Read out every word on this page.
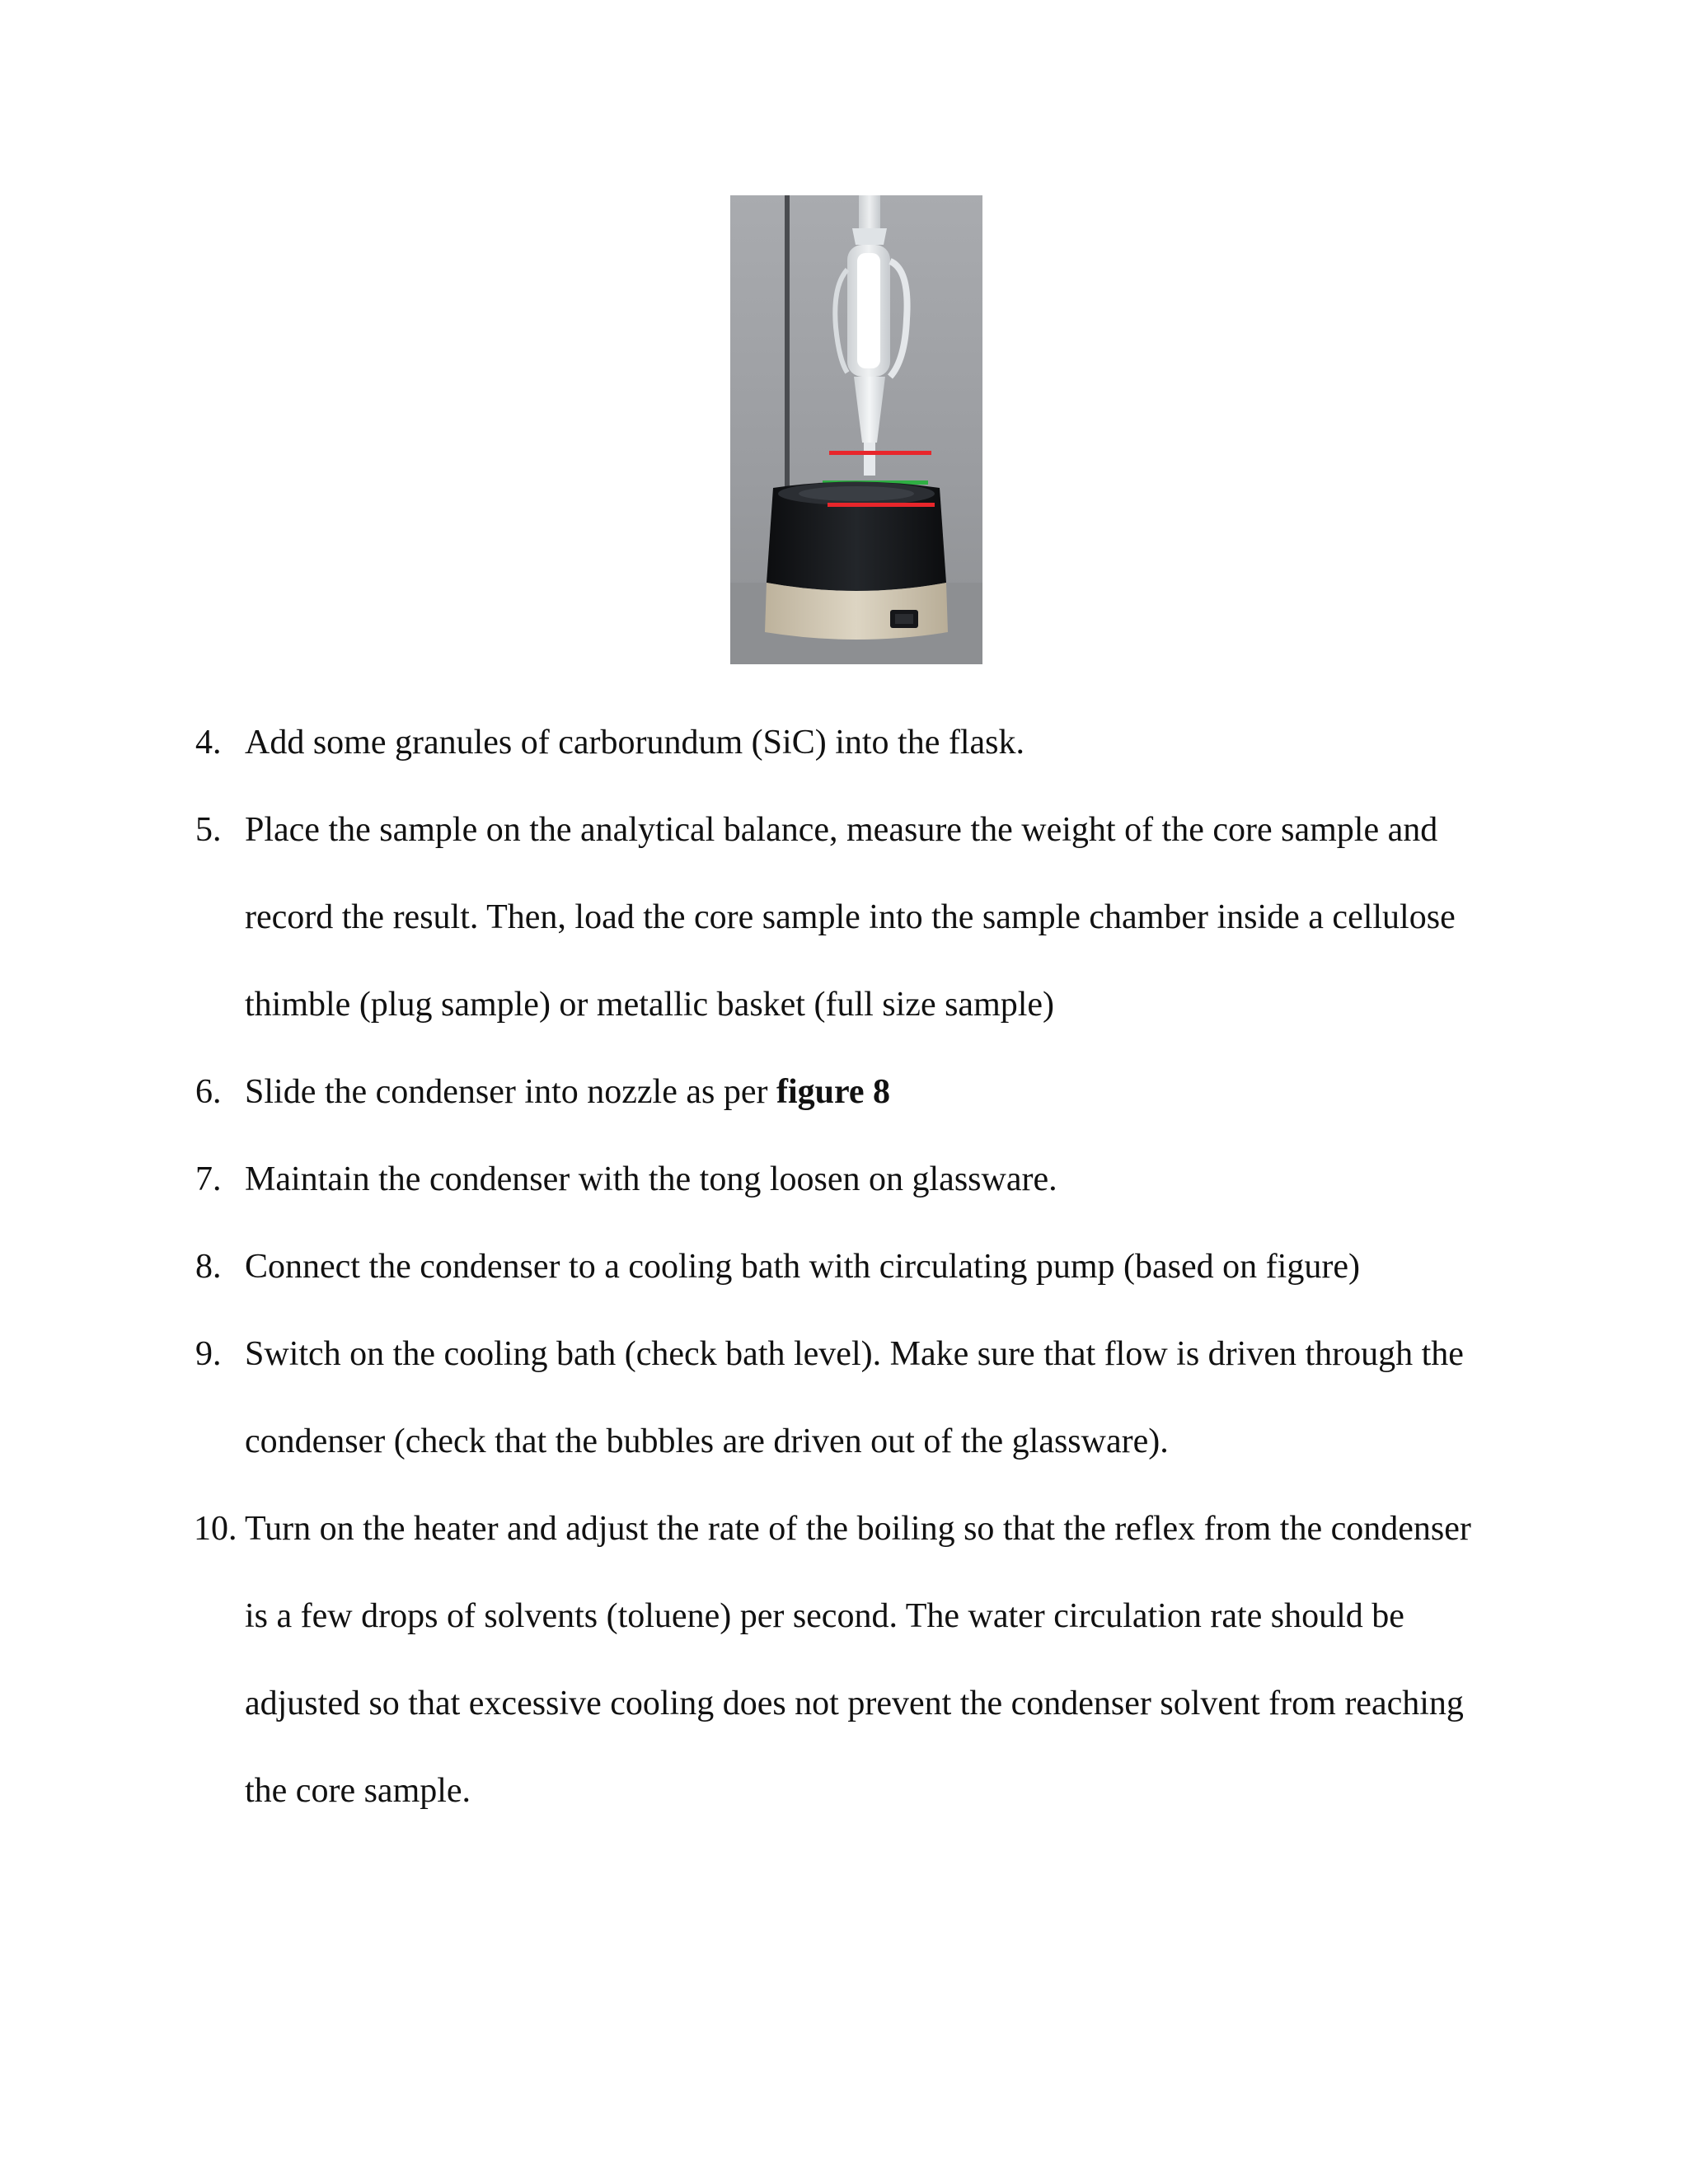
4. Add some granules of carborundum (SiC) into the flask.
5. Place the sample on the analytical balance, measure the weight of the core sample and record the result. Then, load the core sample into the sample chamber inside a cellulose thimble (plug sample) or metallic basket (full size sample)
6. Slide the condenser into nozzle as per figure 8
7. Maintain the condenser with the tong loosen on glassware.
8. Connect the condenser to a cooling bath with circulating pump (based on figure)
9. Switch on the cooling bath (check bath level). Make sure that flow is driven through the condenser (check that the bubbles are driven out of the glassware).
10. Turn on the heater and adjust the rate of the boiling so that the reflex from the condenser is a few drops of solvents (toluene) per second. The water circulation rate should be adjusted so that excessive cooling does not prevent the condenser solvent from reaching the core sample.
